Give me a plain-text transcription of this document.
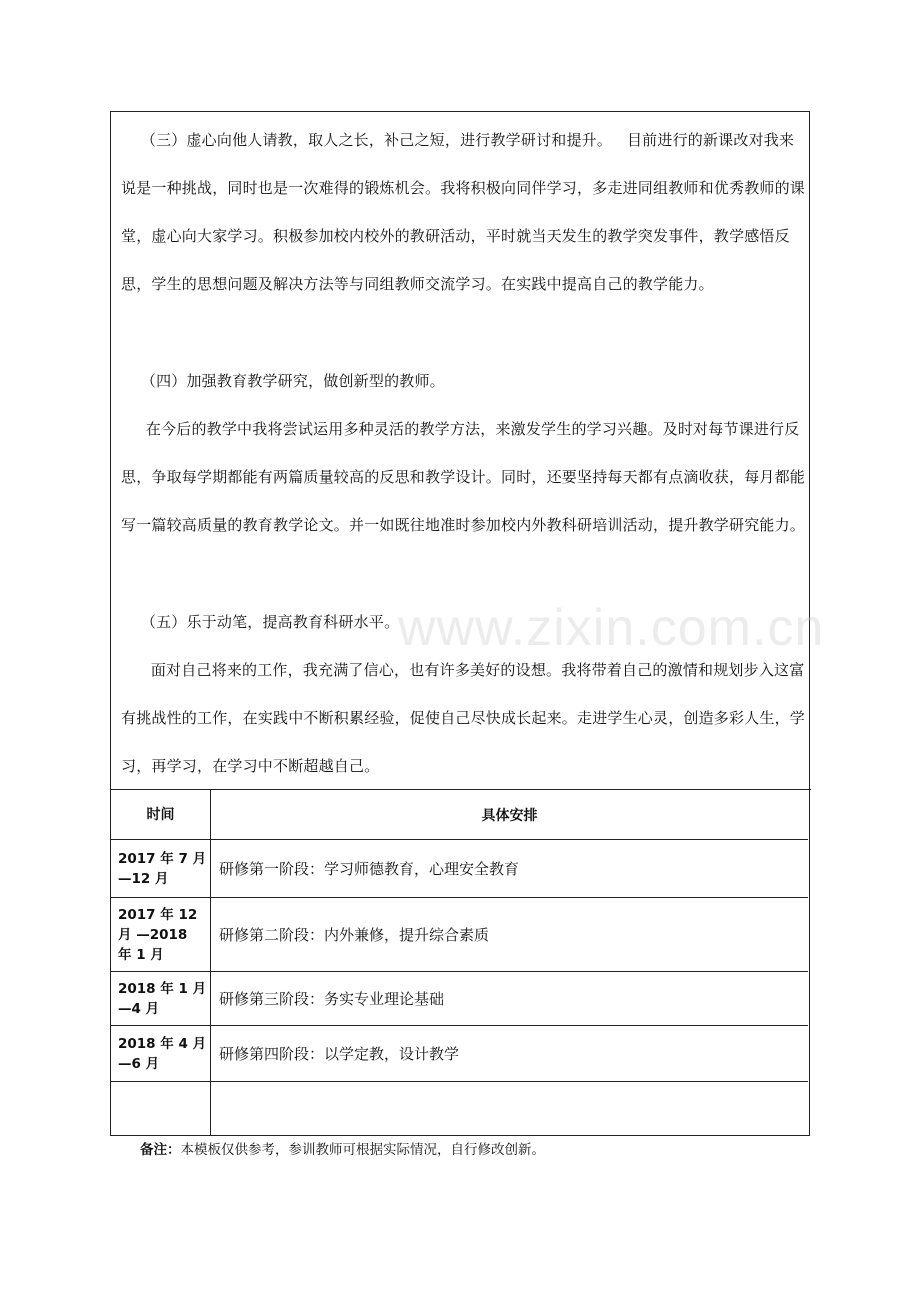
（三）虚心向他人请教，取人之长，补己之短，进行教学研讨和提升。   目前进行的新课改对我来说是一种挑战，同时也是一次难得的锻炼机会。我将积极向同伴学习，多走进同组教师和优秀教师的课堂，虚心向大家学习。积极参加校内校外的教研活动，平时就当天发生的教学突发事件，教学感悟反思，学生的思想问题及解决方法等与同组教师交流学习。在实践中提高自己的教学能力。

（四）加强教育教学研究，做创新型的教师。

在今后的教学中我将尝试运用多种灵活的教学方法，来激发学生的学习兴趣。及时对每节课进行反思，争取每学期都能有两篇质量较高的反思和教学设计。同时，还要坚持每天都有点滴收获，每月都能写一篇较高质量的教育教学论文。并一如既往地准时参加校内外教科研培训活动，提升教学研究能力。

（五）乐于动笔，提高教育科研水平。

面对自己将来的工作，我充满了信心，也有许多美好的设想。我将带着自己的激情和规划步入这富有挑战性的工作，在实践中不断积累经验，促使自己尽快成长起来。走进学生心灵，创造多彩人生，学习，再学习，在学习中不断超越自己。

时间	具体安排
2017 年 7 月
—12 月
研修第一阶段：学习师德教育，心理安全教育
2017 年 12
月 —2018
年 1 月
研修第二阶段：内外兼修，提升综合素质
2018 年 1 月
—4 月
研修第三阶段：务实专业理论基础
2018 年 4 月
—6 月
研修第四阶段：以学定教，设计教学
www.zixin.com.cn
备注：本模板仅供参考，参训教师可根据实际情况，自行修改创新。
